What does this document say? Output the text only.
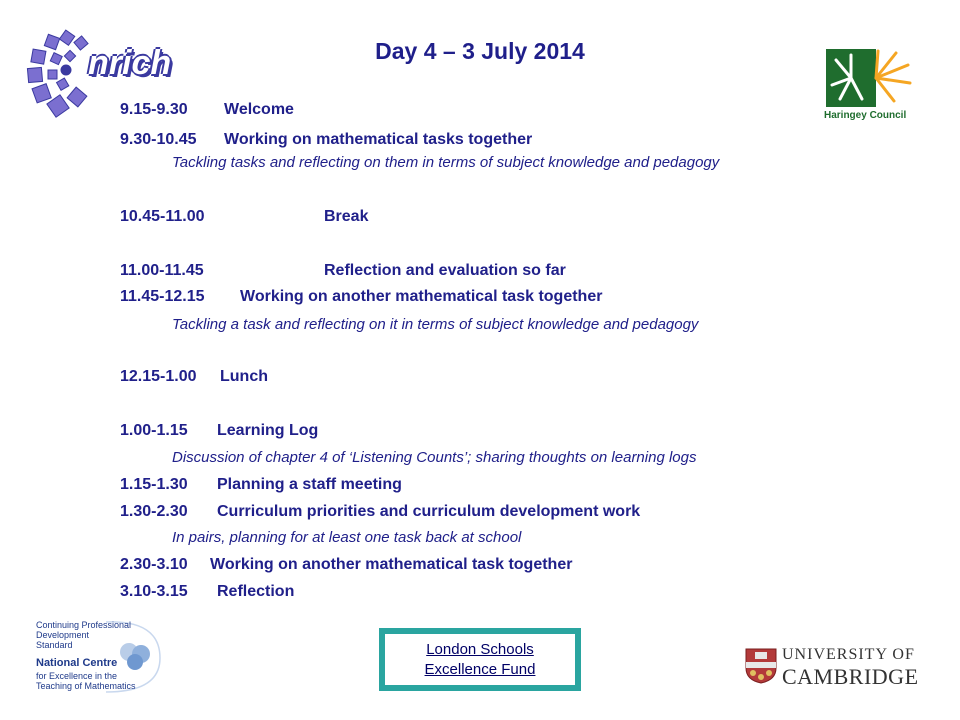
nrich	Day 4 – 3 July 2014
Haringey Council
9.15-9.30 Welcome
9.30-10.45 Working on mathematical tasks together
Tackling tasks and reflecting on them in terms of subject knowledge and pedagogy
10.45-11.00	Break
11.00-11.45	Reflection and evaluation so far
11.45-12.15 Working on another mathematical task together
Tackling a task and reflecting on it in terms of subject knowledge and pedagogy
12.15-1.00 Lunch
1.00-1.15 Learning Log
Discussion of chapter 4 of ‘Listening Counts’; sharing thoughts on learning logs
1.15-1.30 Planning a staff meeting
1.30-2.30 Curriculum priorities and curriculum development work
In pairs, planning for at least one task back at school
2.30-3.10 Working on another mathematical task together
3.10-3.15 Reflection
Continuing Professional
Development
Standard
National Centre
for Excellence in the
Teaching of Mathematics
London Schools
Excellence Fund
UNIVERSITY OF
CAMBRIDGE
